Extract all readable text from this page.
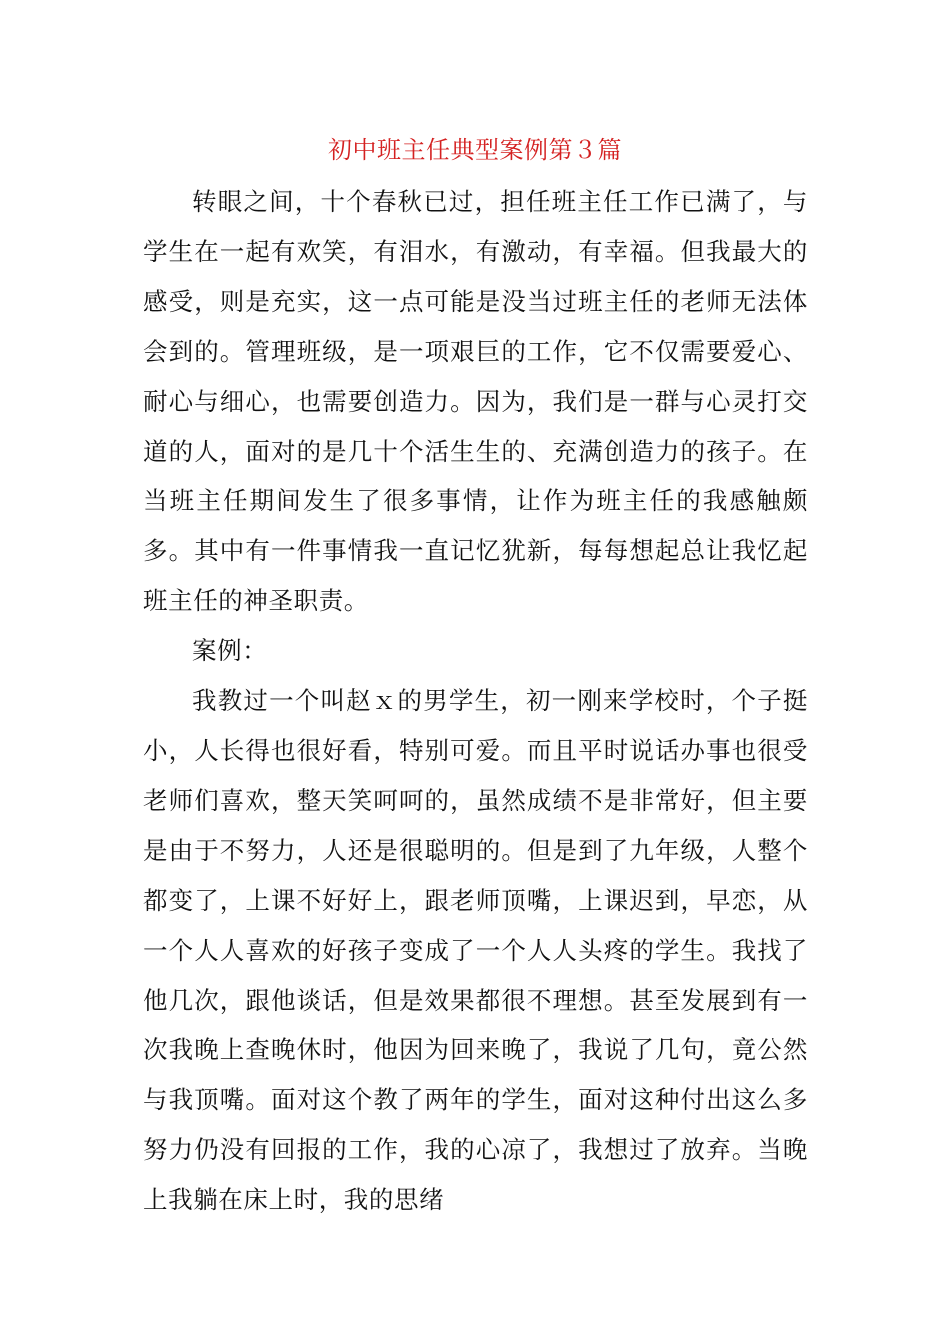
初中班主任典型案例第３篇

转眼之间，十个春秋已过，担任班主任工作已满了，与学生在一起有欢笑，有泪水，有激动，有幸福。但我最大的感受，则是充实，这一点可能是没当过班主任的老师无法体会到的。管理班级，是一项艰巨的工作，它不仅需要爱心、耐心与细心，也需要创造力。因为，我们是一群与心灵打交道的人，面对的是几十个活生生的、充满创造力的孩子。在当班主任期间发生了很多事情，让作为班主任的我感触颇多。其中有一件事情我一直记忆犹新，每每想起总让我忆起班主任的神圣职责。

案例：

我教过一个叫赵ｘ的男学生，初一刚来学校时，个子挺小，人长得也很好看，特别可爱。而且平时说话办事也很受老师们喜欢，整天笑呵呵的，虽然成绩不是非常好，但主要是由于不努力，人还是很聪明的。但是到了九年级，人整个都变了，上课不好好上，跟老师顶嘴，上课迟到，早恋，从一个人人喜欢的好孩子变成了一个人人头疼的学生。我找了他几次，跟他谈话，但是效果都很不理想。甚至发展到有一次我晚上查晚休时，他因为回来晚了，我说了几句，竟公然与我顶嘴。面对这个教了两年的学生，面对这种付出这么多努力仍没有回报的工作，我的心凉了，我想过了放弃。当晚上我躺在床上时，我的思绪
